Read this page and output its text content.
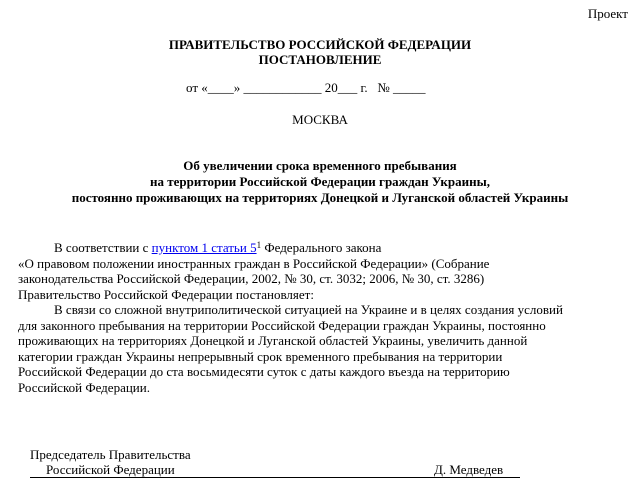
Проект
ПРАВИТЕЛЬСТВО РОССИЙСКОЙ ФЕДЕРАЦИИ
ПОСТАНОВЛЕНИЕ
от «____» ____________ 20___ г.   № _____
МОСКВА
Об увеличении срока временного пребывания
на территории Российской Федерации граждан Украины,
постоянно проживающих на территориях Донецкой и Луганской областей Украины
В соответствии с пунктом 1 статьи $5^1$ Федерального закона
«О правовом положении иностранных граждан в Российской Федерации» (Собрание
законодательства Российской Федерации, 2002, № 30, ст. 3032; 2006, № 30, ст. 3286)
Правительство Российской Федерации постановляет:
В связи со сложной внутриполитической ситуацией на Украине и в целях создания условий
для законного пребывания на территории Российской Федерации граждан Украины, постоянно
проживающих на территориях Донецкой и Луганской областей Украины, увеличить данной
категории граждан Украины непрерывный срок временного пребывания на территории
Российской Федерации до ста восьмидесяти суток с даты каждого въезда на территорию
Российской Федерации.
Председатель Правительства
Российской Федерации	Д. Медведев
